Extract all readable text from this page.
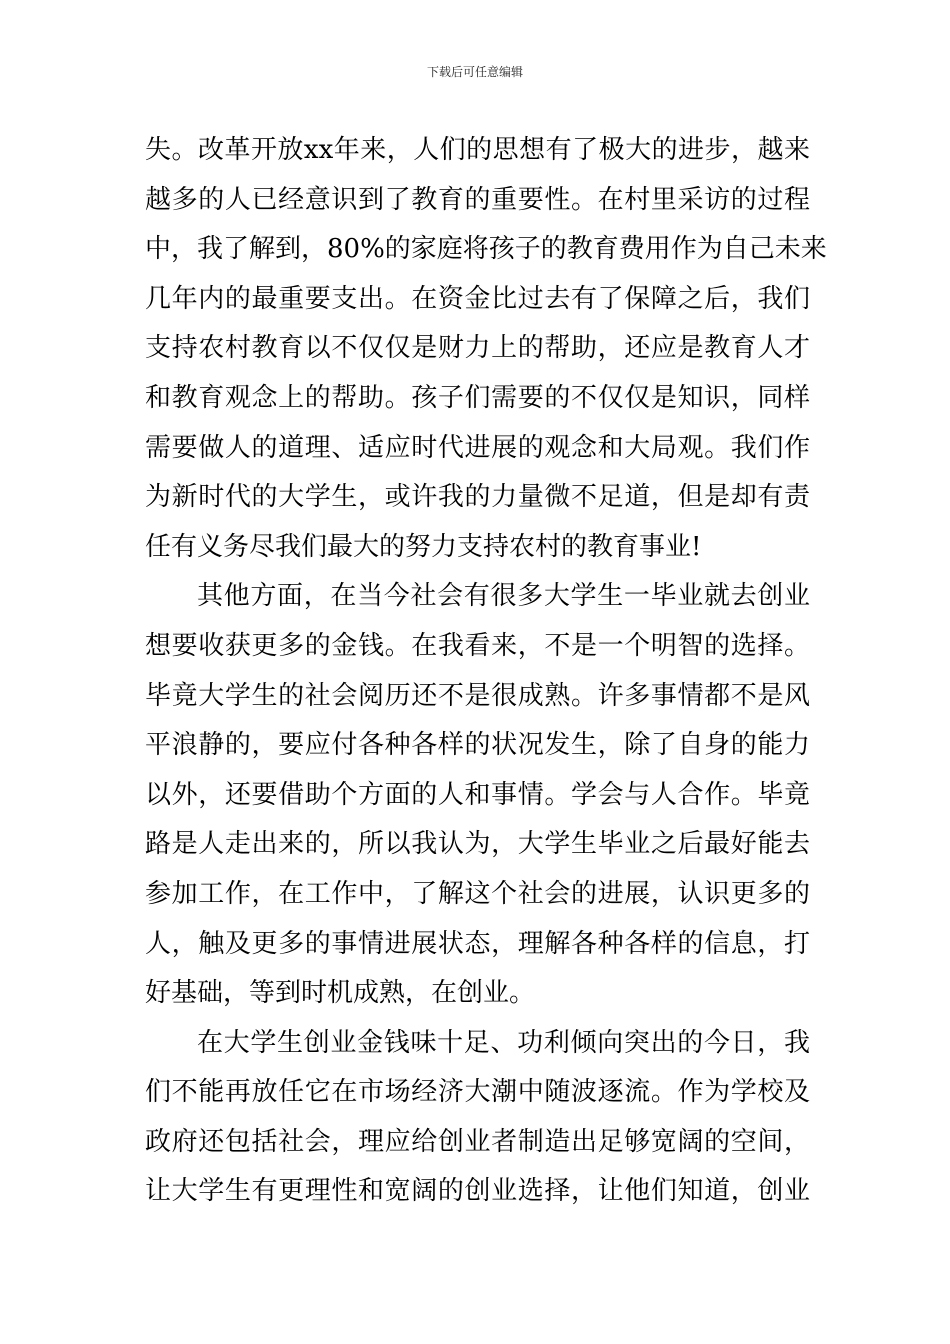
下载后可任意编辑
失。改革开放xx年来，人们的思想有了极大的进步，越来
越多的人已经意识到了教育的重要性。在村里采访的过程
中，我了解到，80%的家庭将孩子的教育费用作为自己未来
几年内的最重要支出。在资金比过去有了保障之后，我们
支持农村教育以不仅仅是财力上的帮助，还应是教育人才
和教育观念上的帮助。孩子们需要的不仅仅是知识，同样
需要做人的道理、适应时代进展的观念和大局观。我们作
为新时代的大学生，或许我的力量微不足道，但是却有责
任有义务尽我们最大的努力支持农村的教育事业!
其他方面，在当今社会有很多大学生一毕业就去创业
想要收获更多的金钱。在我看来，不是一个明智的选择。
毕竟大学生的社会阅历还不是很成熟。许多事情都不是风
平浪静的，要应付各种各样的状况发生，除了自身的能力
以外，还要借助个方面的人和事情。学会与人合作。毕竟
路是人走出来的，所以我认为，大学生毕业之后最好能去
参加工作，在工作中，了解这个社会的进展，认识更多的
人，触及更多的事情进展状态，理解各种各样的信息，打
好基础，等到时机成熟，在创业。
在大学生创业金钱味十足、功利倾向突出的今日，我
们不能再放任它在市场经济大潮中随波逐流。作为学校及
政府还包括社会，理应给创业者制造出足够宽阔的空间，
让大学生有更理性和宽阔的创业选择，让他们知道，创业
